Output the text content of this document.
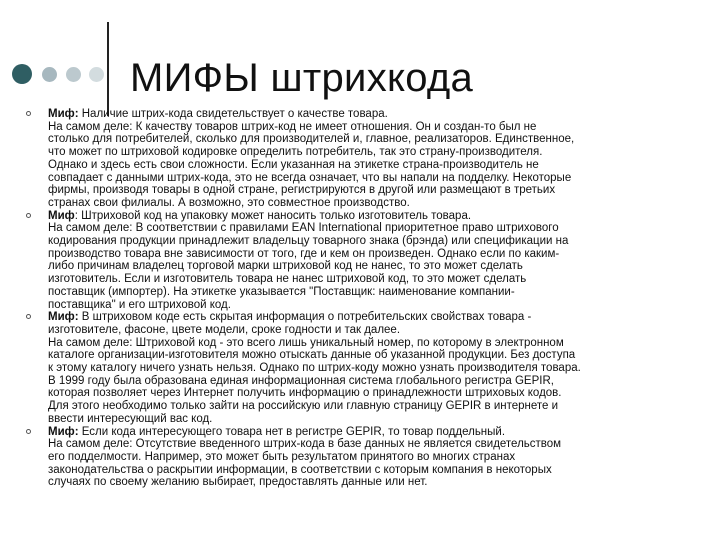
МИФЫ штрихкода
Миф: Наличие штрих-кода свидетельствует о качестве товара.
На самом деле: К качеству товаров штрих-код не имеет отношения. Он и создан-то был не
столько для потребителей, сколько для производителей и, главное, реализаторов. Единственное,
что может по штриховой кодировке определить потребитель, так это страну-производителя.
Однако и здесь есть свои сложности. Если указанная на этикетке страна-производитель не
совпадает с данными штрих-кода, это не всегда означает, что вы напали на подделку. Некоторые
фирмы, производя товары в одной стране, регистрируются в другой или размещают в третьих
странах свои филиалы. А возможно, это совместное производство.
Миф: Штриховой код на упаковку может наносить только изготовитель товара.
На самом деле: В соответствии с правилами EAN International приоритетное право штрихового
кодирования продукции принадлежит владельцу товарного знака (брэнда) или спецификации на
производство товара вне зависимости от того, где и кем он произведен. Однако если по каким-
либо причинам владелец торговой марки штриховой код не нанес, то это может сделать
изготовитель. Если и изготовитель товара не нанес штриховой код, то это может сделать
поставщик (импортер). На этикетке указывается "Поставщик: наименование компании-
поставщика" и его штриховой код.
Миф: В штриховом коде есть скрытая информация о потребительских свойствах товара -
изготовителе, фасоне, цвете модели, сроке годности и так далее.
На самом деле: Штриховой код - это всего лишь уникальный номер, по которому в электронном
каталоге организации-изготовителя можно отыскать данные об указанной продукции. Без доступа
к этому каталогу ничего узнать нельзя. Однако по штрих-коду можно узнать производителя товара.
В 1999 году была образована единая информационная система глобального регистра GEPIR,
которая позволяет через Интернет получить информацию о принадлежности штриховых кодов.
Для этого необходимо только зайти на российскую или главную страницу GEPIR в интернете и
ввести интересующий вас код.
Миф: Если кода интересующего товара нет в регистре GEPIR, то товар поддельный.
На самом деле: Отсутствие введенного штрих-кода в базе данных не является свидетельством
его подделмости. Например, это может быть результатом принятого во многих странах
законодательства о раскрытии информации, в соответствии с которым компания в некоторых
случаях по своему желанию выбирает, предоставлять данные или нет.
